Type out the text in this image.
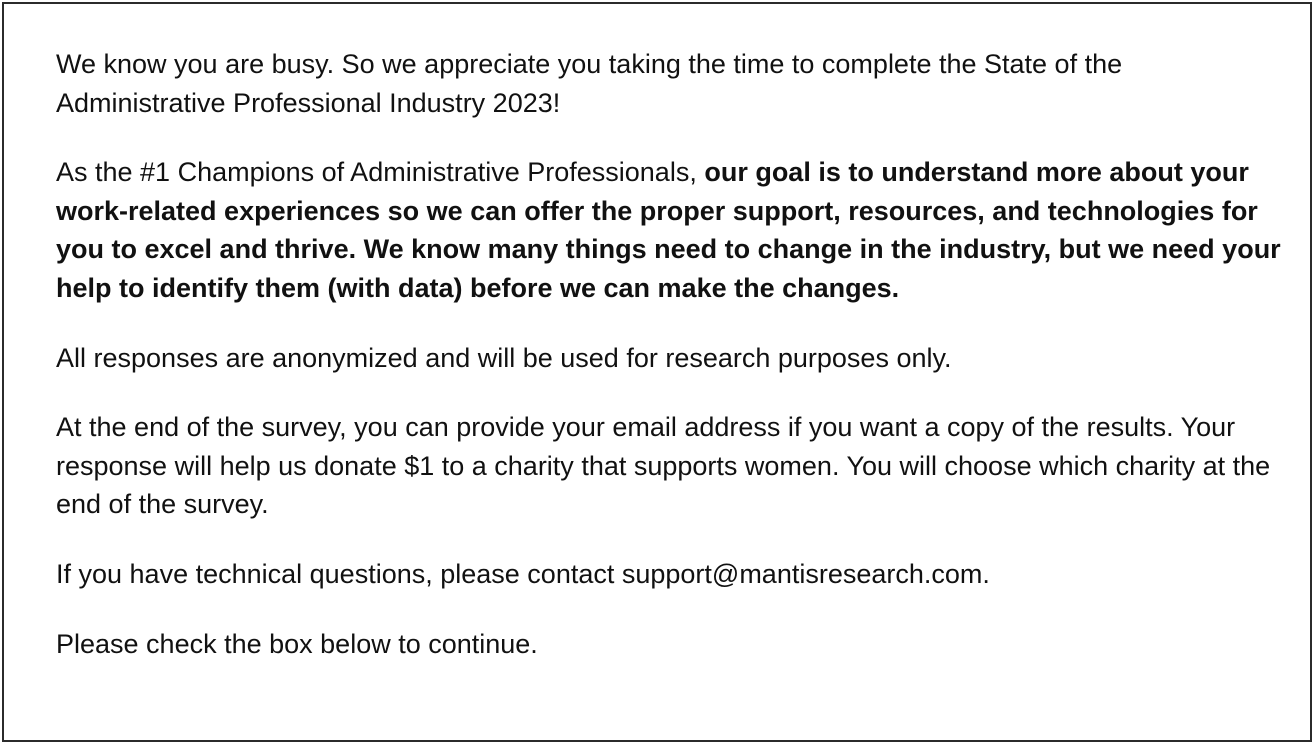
We know you are busy. So we appreciate you taking the time to complete the State of the Administrative Professional Industry 2023!

As the #1 Champions of Administrative Professionals, our goal is to understand more about your work-related experiences so we can offer the proper support, resources, and technologies for you to excel and thrive. We know many things need to change in the industry, but we need your help to identify them (with data) before we can make the changes.

All responses are anonymized and will be used for research purposes only.

At the end of the survey, you can provide your email address if you want a copy of the results. Your response will help us donate $1 to a charity that supports women. You will choose which charity at the end of the survey.

If you have technical questions, please contact support@mantisresearch.com.

Please check the box below to continue.
